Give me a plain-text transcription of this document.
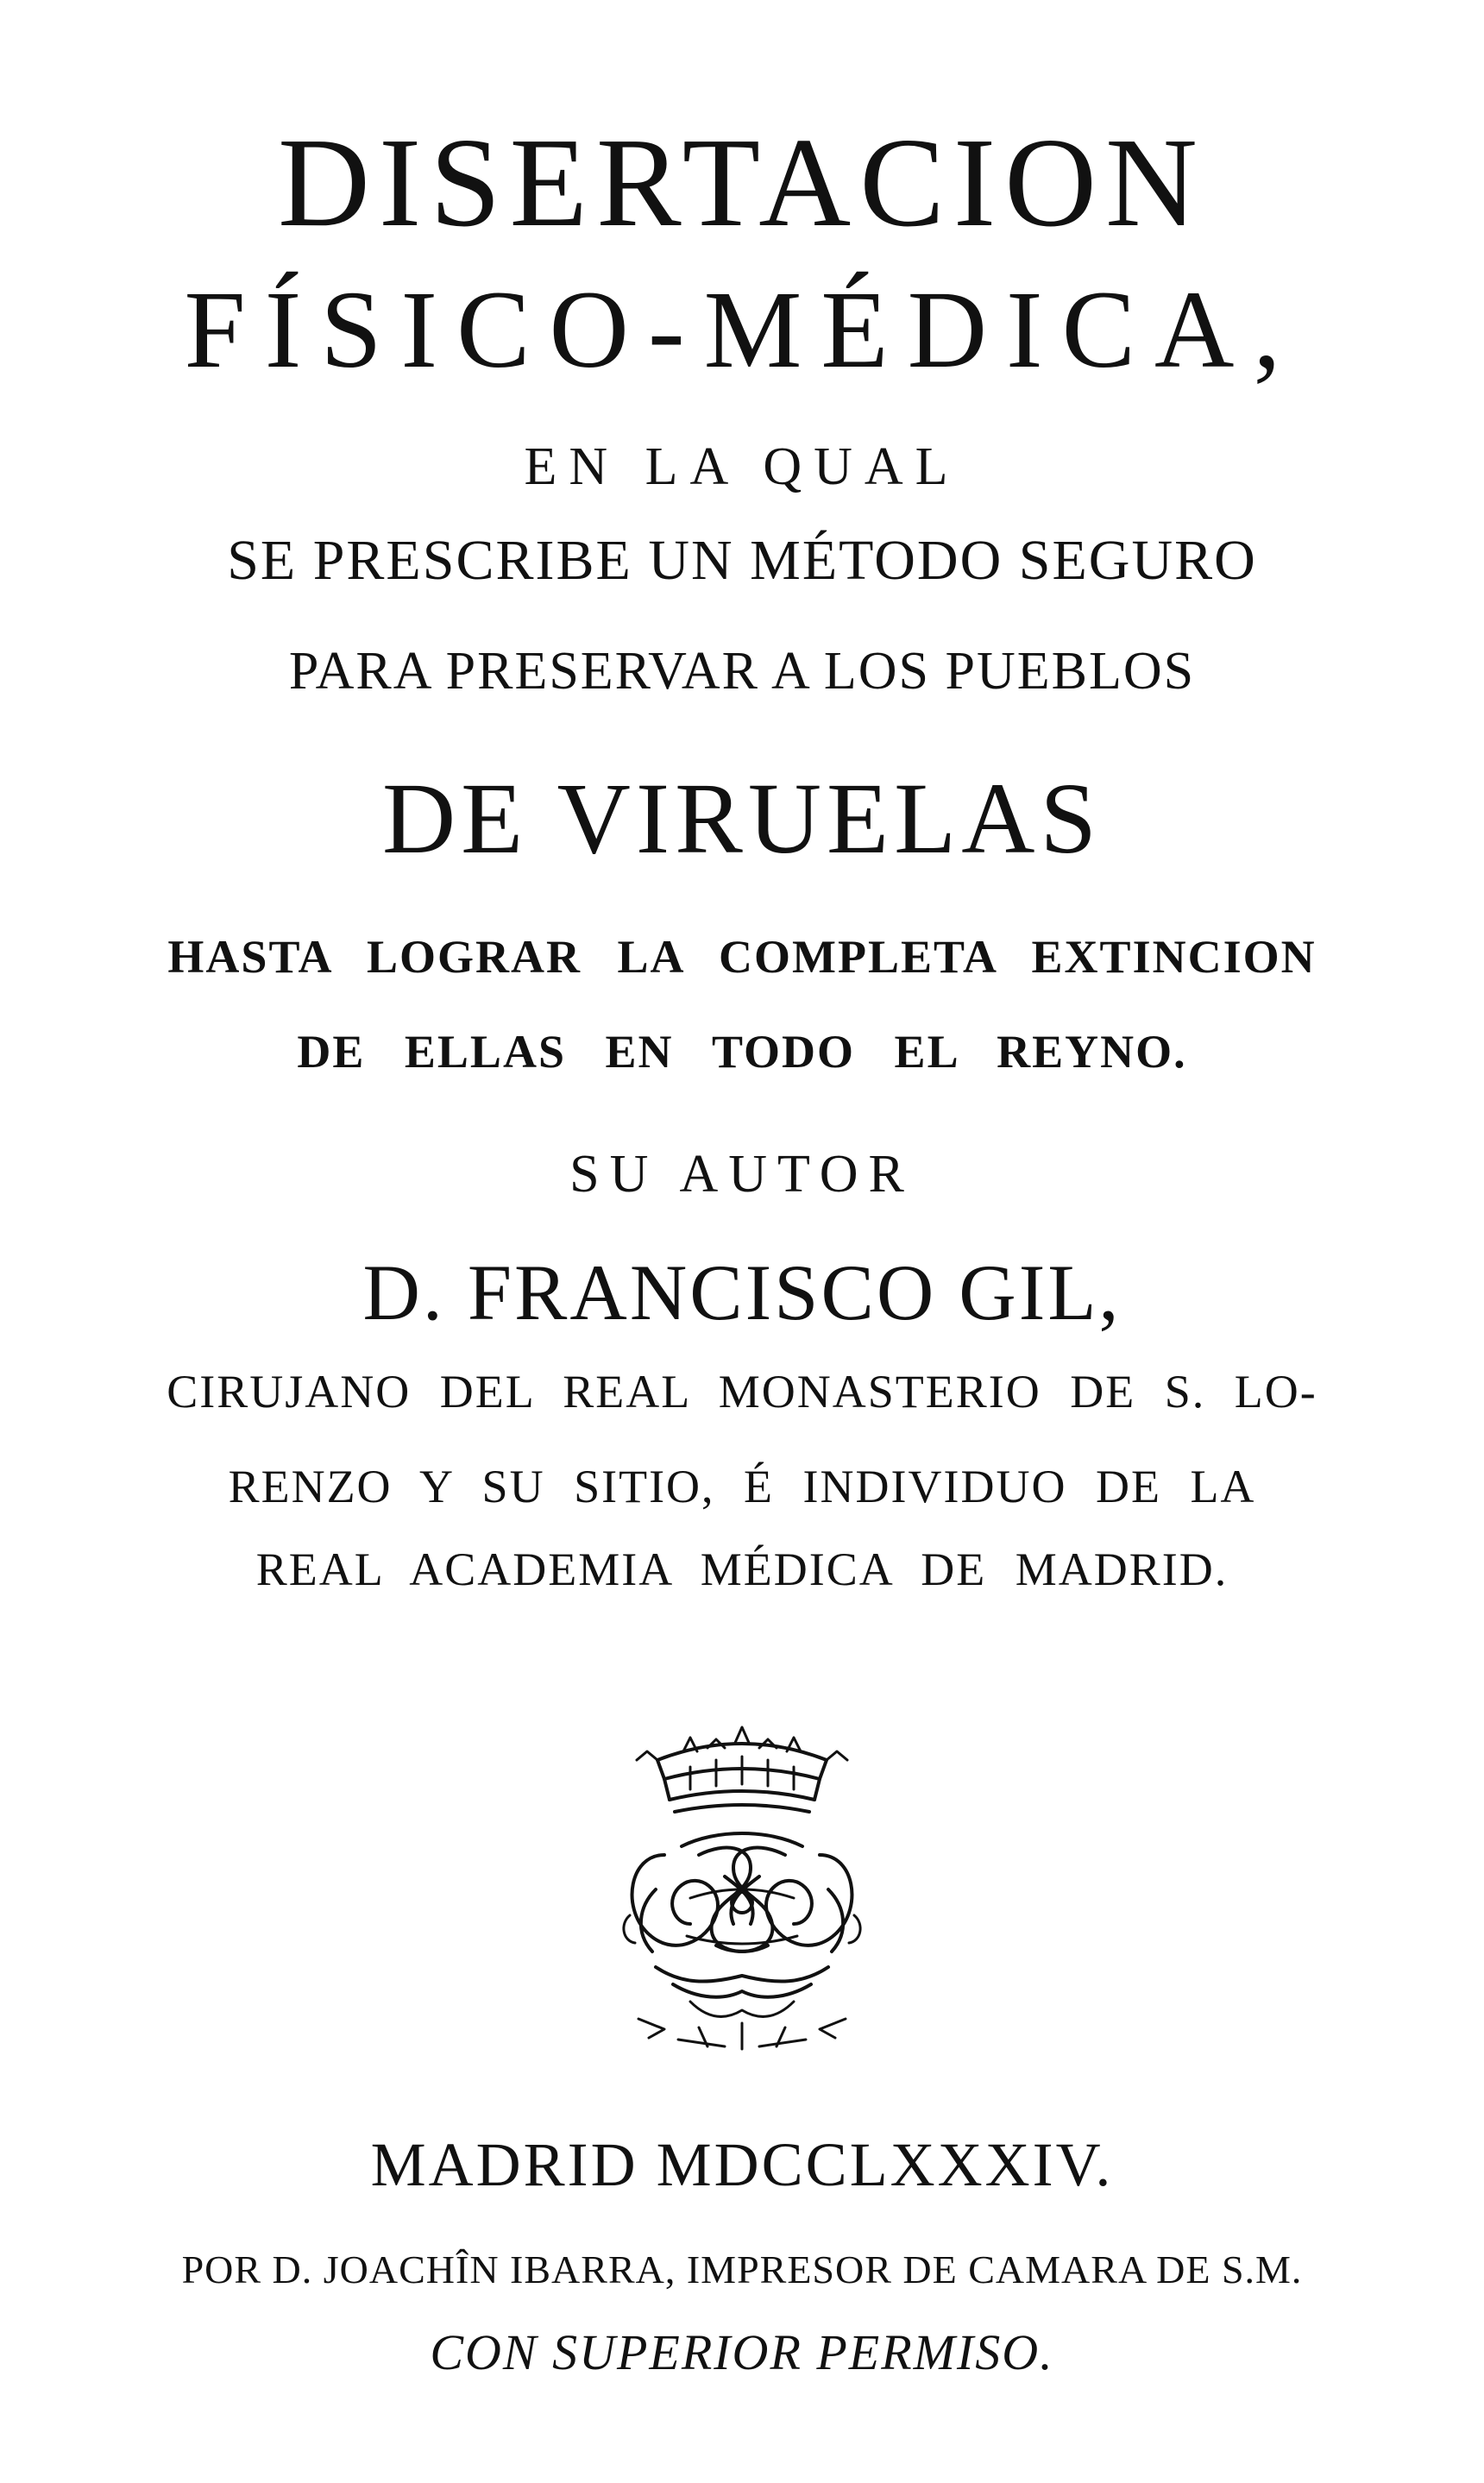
DISERTACION
FÍSICO-MÉDICA,
EN LA QUAL
SE PRESCRIBE UN MÉTODO SEGURO
PARA PRESERVAR A LOS PUEBLOS
DE VIRUELAS
HASTA LOGRAR LA COMPLETA EXTINCION
DE ELLAS EN TODO EL REYNO.
SU AUTOR
D. FRANCISCO GIL,
CIRUJANO DEL REAL MONASTERIO DE S. LO-
RENZO Y SU SITIO, É INDIVIDUO DE LA
REAL ACADEMIA MÉDICA DE MADRID.
MADRID MDCCLXXXIV.
POR D. JOACHÎN IBARRA, IMPRESOR DE CAMARA DE S.M.
CON SUPERIOR PERMISO.
